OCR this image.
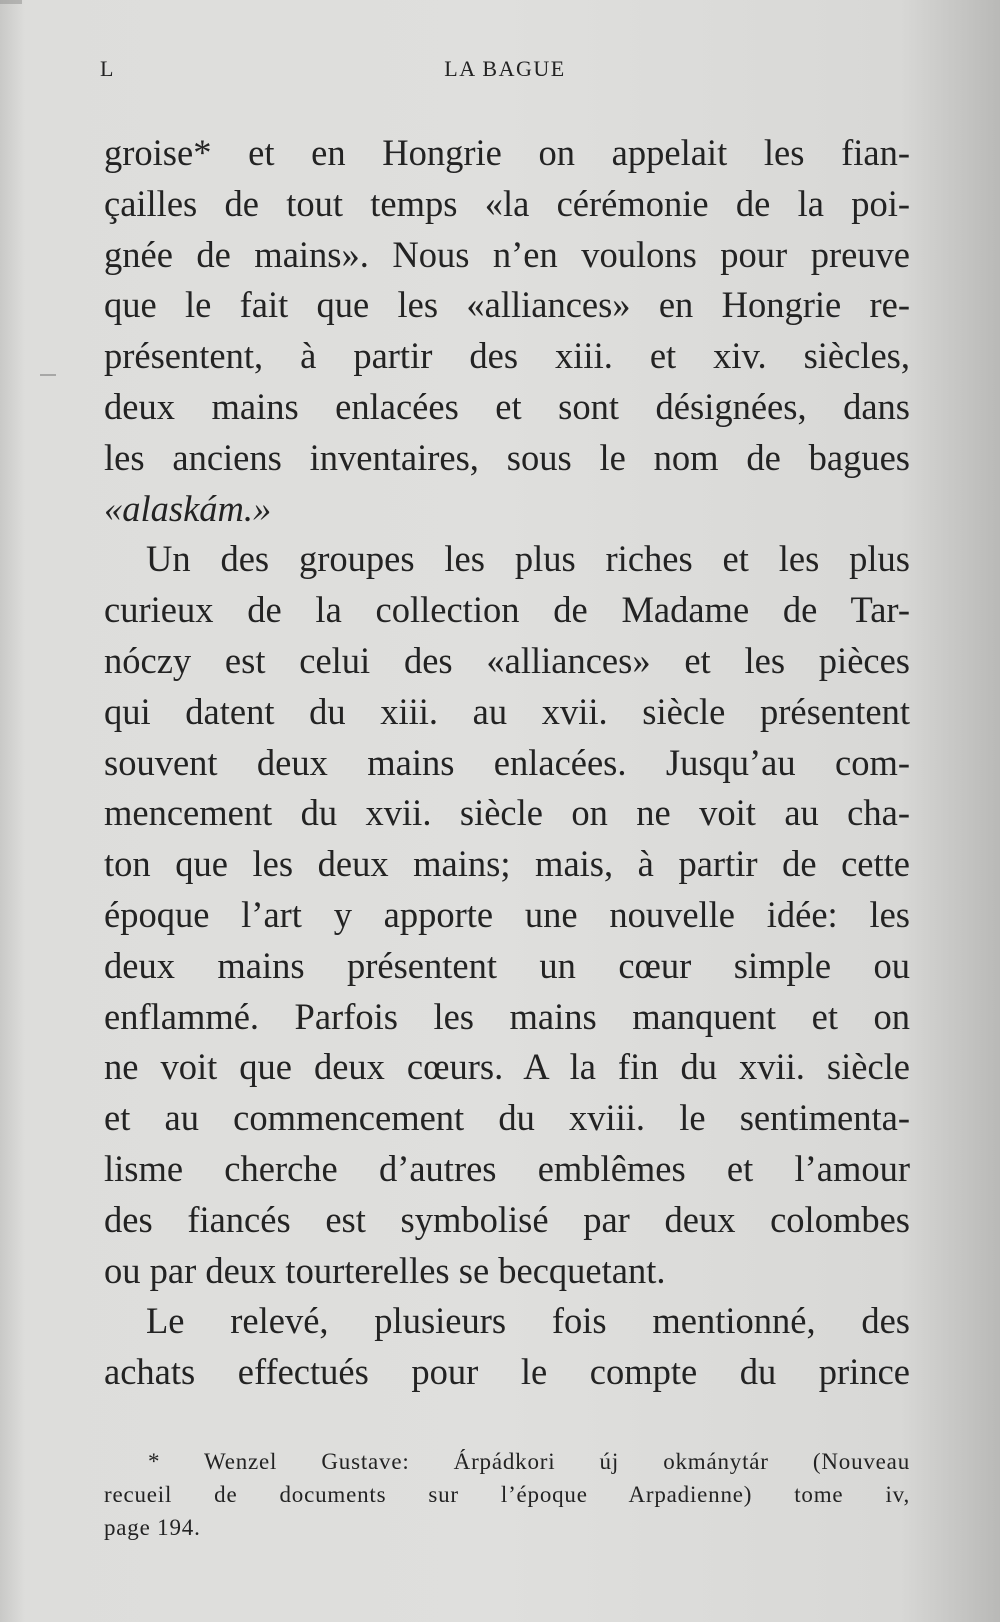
L	LA BAGUE
groise* et en Hongrie on appelait les fian-
çailles de tout temps «la cérémonie de la poi-
gnée de mains». Nous n’en voulons pour preuve
que le fait que les «alliances» en Hongrie re-
présentent, à partir des xiii. et xiv. siècles,
deux mains enlacées et sont désignées, dans
les anciens inventaires, sous le nom de bagues
«alaskám.»
Un des groupes les plus riches et les plus
curieux de la collection de Madame de Tar-
nóczy est celui des «alliances» et les pièces
qui datent du xiii. au xvii. siècle présentent
souvent deux mains enlacées. Jusqu’au com-
mencement du xvii. siècle on ne voit au cha-
ton que les deux mains; mais, à partir de cette
époque l’art y apporte une nouvelle idée: les
deux mains présentent un cœur simple ou
enflammé. Parfois les mains manquent et on
ne voit que deux cœurs. A la fin du xvii. siècle
et au commencement du xviii. le sentimenta-
lisme cherche d’autres emblêmes et l’amour
des fiancés est symbolisé par deux colombes
ou par deux tourterelles se becquetant.
Le relevé, plusieurs fois mentionné, des
achats effectués pour le compte du prince
* Wenzel Gustave: Árpádkori új okmánytár (Nouveau
recueil de documents sur l’époque Arpadienne) tome iv,
page 194.
